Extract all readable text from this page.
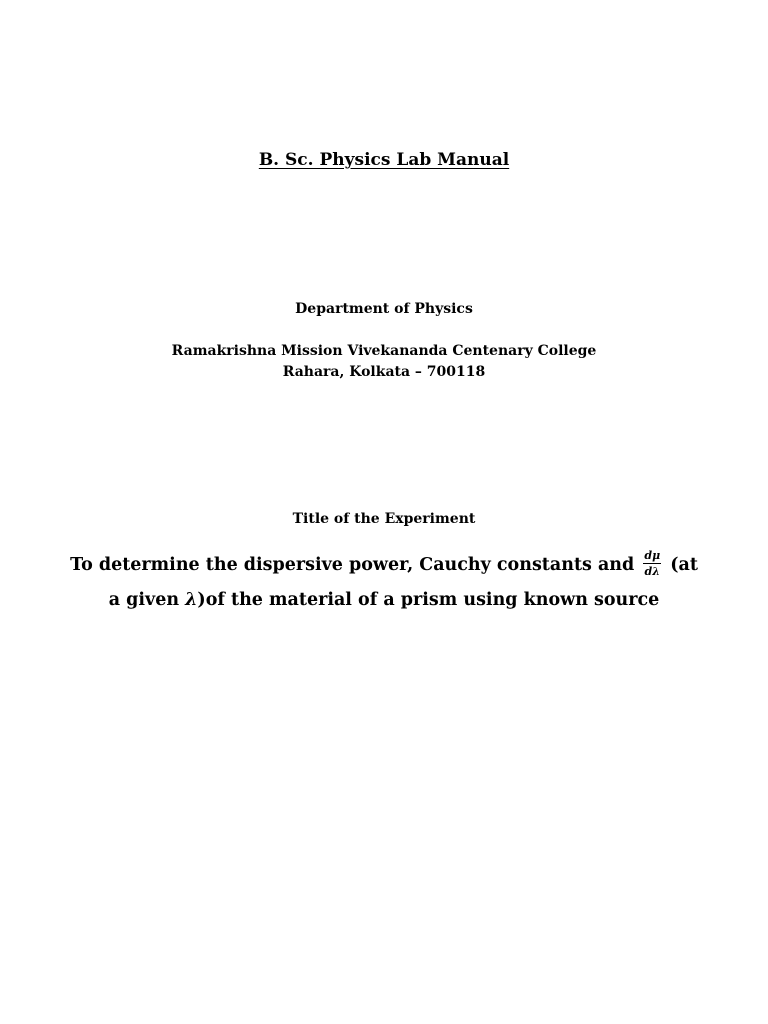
B. Sc. Physics Lab Manual
Department of Physics
Ramakrishna Mission Vivekananda Centenary College
Rahara, Kolkata – 700118
Title of the Experiment
To determine the dispersive power, Cauchy constants and $\frac{d\mu}{d\lambda} (at$
a given λ)of the material of a prism using known source
